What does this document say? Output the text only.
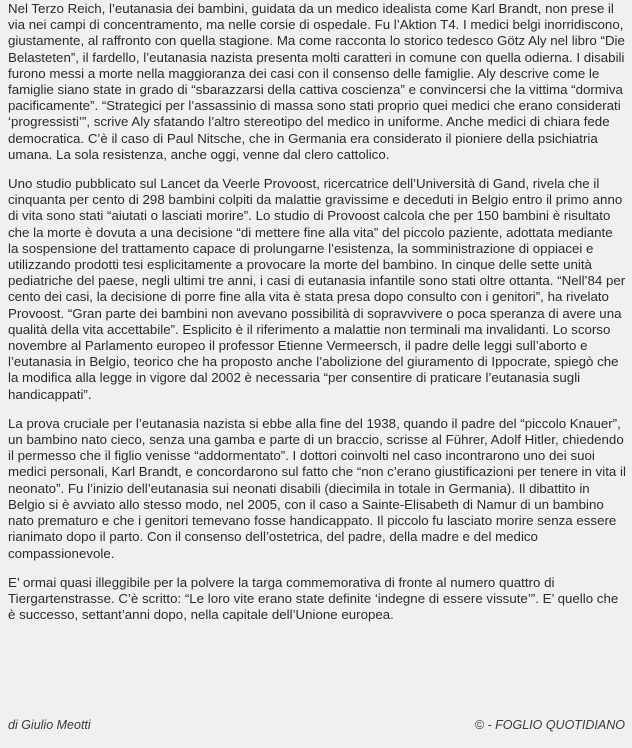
Nel Terzo Reich, l’eutanasia dei bambini, guidata da un medico idealista come Karl Brandt, non prese il via nei campi di concentramento, ma nelle corsie di ospedale. Fu l’Aktion T4. I medici belgi inorridiscono, giustamente, al raffronto con quella stagione. Ma come racconta lo storico tedesco Götz Aly nel libro “Die Belasteten”, il fardello, l’eutanasia nazista presenta molti caratteri in comune con quella odierna. I disabili furono messi a morte nella maggioranza dei casi con il consenso delle famiglie. Aly descrive come le famiglie siano state in grado di “sbarazzarsi della cattiva coscienza” e convincersi che la vittima “dormiva pacificamente”. “Strategici per l’assassinio di massa sono stati proprio quei medici che erano considerati ‘progressisti’”, scrive Aly sfatando l’altro stereotipo del medico in uniforme. Anche medici di chiara fede democratica. C’è il caso di Paul Nitsche, che in Germania era considerato il pioniere della psichiatria umana. La sola resistenza, anche oggi, venne dal clero cattolico.

Uno studio pubblicato sul Lancet da Veerle Provoost, ricercatrice dell’Università di Gand, rivela che il cinquanta per cento di 298 bambini colpiti da malattie gravissime e deceduti in Belgio entro il primo anno di vita sono stati “aiutati o lasciati morire”. Lo studio di Provoost calcola che per 150 bambini è risultato che la morte è dovuta a una decisione “di mettere fine alla vita” del piccolo paziente, adottata mediante la sospensione del trattamento capace di prolungarne l’esistenza, la somministrazione di oppiacei e utilizzando prodotti tesi esplicitamente a provocare la morte del bambino. In cinque delle sette unità pediatriche del paese, negli ultimi tre anni, i casi di eutanasia infantile sono stati oltre ottanta. “Nell’84 per cento dei casi, la decisione di porre fine alla vita è stata presa dopo consulto con i genitori”, ha rivelato Provoost. “Gran parte dei bambini non avevano possibilità di sopravvivere o poca speranza di avere una qualità della vita accettabile”. Esplicito è il riferimento a malattie non terminali ma invalidanti. Lo scorso novembre al Parlamento europeo il professor Etienne Vermeersch, il padre delle leggi sull’aborto e l’eutanasia in Belgio, teorico che ha proposto anche l’abolizione del giuramento di Ippocrate, spiegò che la modifica alla legge in vigore dal 2002 è necessaria “per consentire di praticare l’eutanasia sugli handicappati”.

La prova cruciale per l’eutanasia nazista si ebbe alla fine del 1938, quando il padre del “piccolo Knauer”, un bambino nato cieco, senza una gamba e parte di un braccio, scrisse al Führer, Adolf Hitler, chiedendo il permesso che il figlio venisse “addormentato”. I dottori coinvolti nel caso incontrarono uno dei suoi medici personali, Karl Brandt, e concordarono sul fatto che “non c’erano giustificazioni per tenere in vita il neonato”. Fu l’inizio dell’eutanasia sui neonati disabili (diecimila in totale in Germania). Il dibattito in Belgio si è avviato allo stesso modo, nel 2005, con il caso a Sainte-Elisabeth di Namur di un bambino nato prematuro e che i genitori temevano fosse handicappato. Il piccolo fu lasciato morire senza essere rianimato dopo il parto. Con il consenso dell’ostetrica, del padre, della madre e del medico compassionevole.

E’ ormai quasi illeggibile per la polvere la targa commemorativa di fronte al numero quattro di Tiergartenstrasse. C’è scritto: “Le loro vite erano state definite ‘indegne di essere vissute’”. E’ quello che è successo, settant’anni dopo, nella capitale dell’Unione europea.

di Giulio Meotti	© - FOGLIO QUOTIDIANO
